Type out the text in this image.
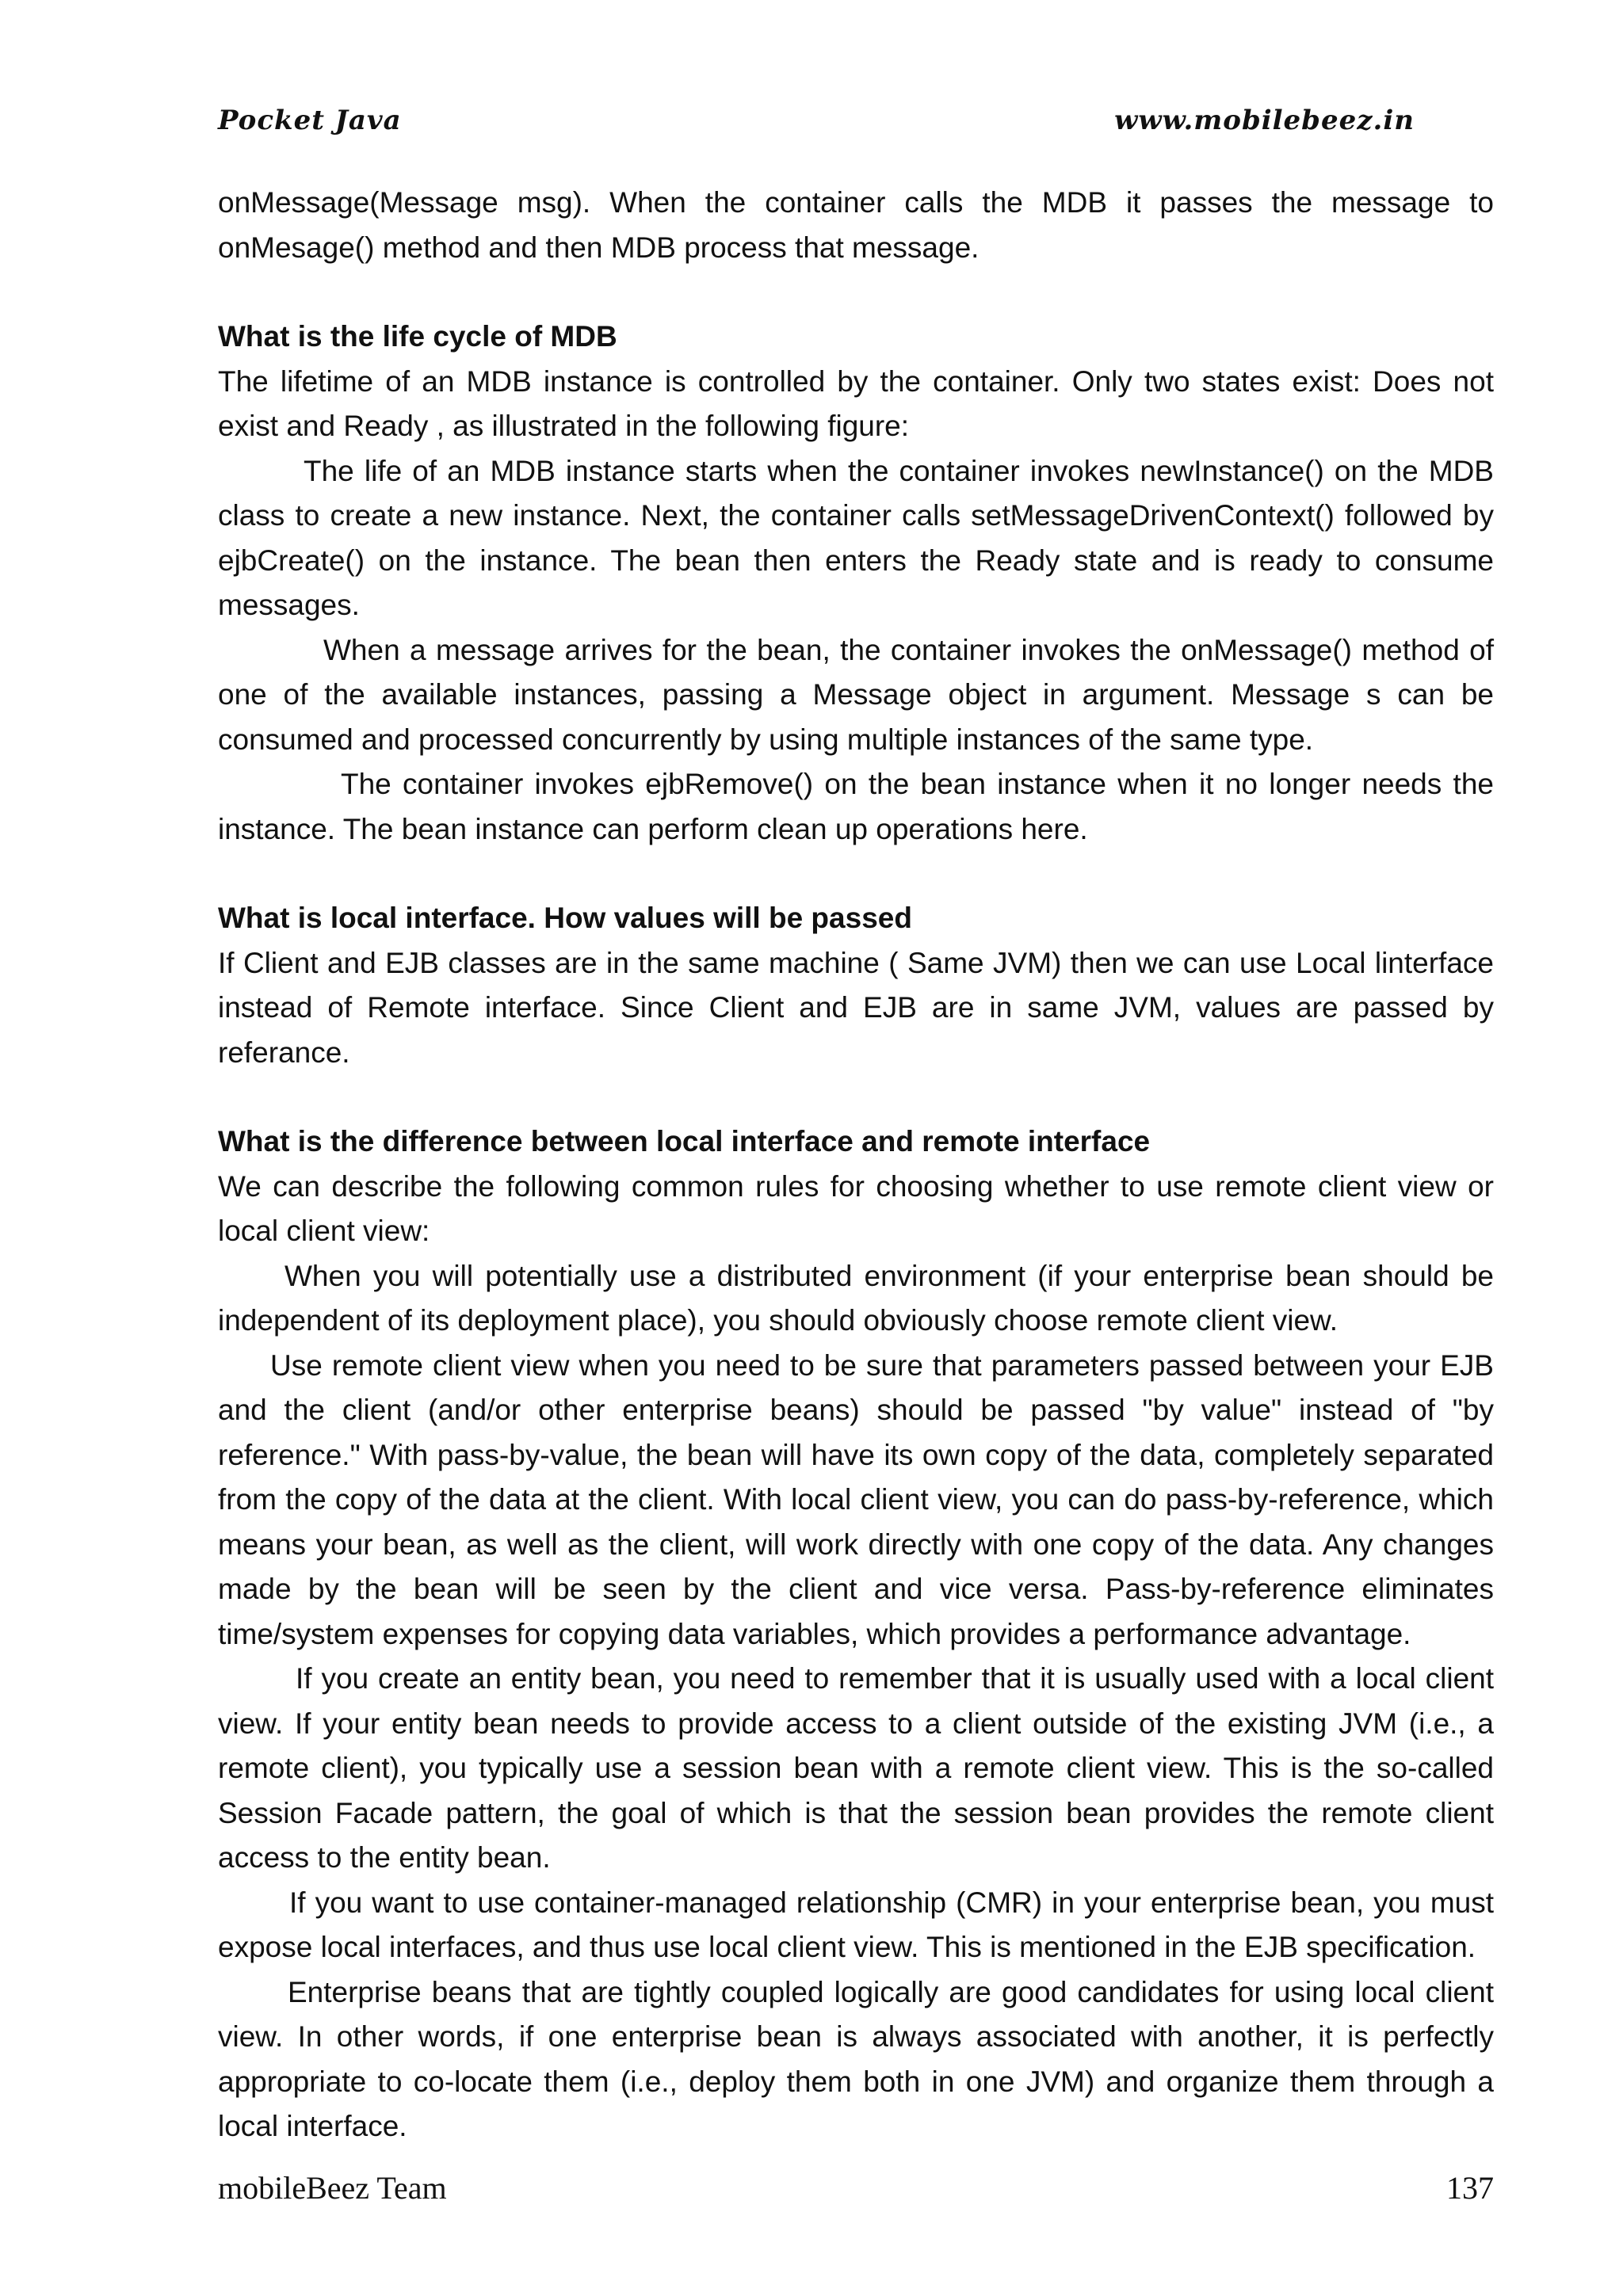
Pocket Java	www.mobilebeez.in

onMessage(Message msg). When the container calls the MDB it passes the message to onMesage() method and then MDB process that message.

What is the life cycle of MDB

The lifetime of an MDB instance is controlled by the container. Only two states exist: Does not exist and Ready , as illustrated in the following figure:

The life of an MDB instance starts when the container invokes newInstance() on the MDB class to create a new instance. Next, the container calls setMessageDrivenContext() followed by ejbCreate() on the instance. The bean then enters the Ready state and is ready to consume messages.

When a message arrives for the bean, the container invokes the onMessage() method of one of the available instances, passing a Message object in argument. Message s can be consumed and processed concurrently by using multiple instances of the same type.

The container invokes ejbRemove() on the bean instance when it no longer needs the instance. The bean instance can perform clean up operations here.

What is local interface. How values will be passed

If Client and EJB classes are in the same machine ( Same JVM) then we can use Local linterface instead of Remote interface. Since Client and EJB are in same JVM, values are passed by referance.

What is the difference between local interface and remote interface

We can describe the following common rules for choosing whether to use remote client view or local client view:

When you will potentially use a distributed environment (if your enterprise bean should be independent of its deployment place), you should obviously choose remote client view.

Use remote client view when you need to be sure that parameters passed between your EJB and the client (and/or other enterprise beans) should be passed "by value" instead of "by reference." With pass-by-value, the bean will have its own copy of the data, completely separated from the copy of the data at the client. With local client view, you can do pass-by-reference, which means your bean, as well as the client, will work directly with one copy of the data. Any changes made by the bean will be seen by the client and vice versa. Pass-by-reference eliminates time/system expenses for copying data variables, which provides a performance advantage.

If you create an entity bean, you need to remember that it is usually used with a local client view. If your entity bean needs to provide access to a client outside of the existing JVM (i.e., a remote client), you typically use a session bean with a remote client view. This is the so-called Session Facade pattern, the goal of which is that the session bean provides the remote client access to the entity bean.

If you want to use container-managed relationship (CMR) in your enterprise bean, you must expose local interfaces, and thus use local client view. This is mentioned in the EJB specification.

Enterprise beans that are tightly coupled logically are good candidates for using local client view. In other words, if one enterprise bean is always associated with another, it is perfectly appropriate to co-locate them (i.e., deploy them both in one JVM) and organize them through a local interface.

mobileBeez Team	137
